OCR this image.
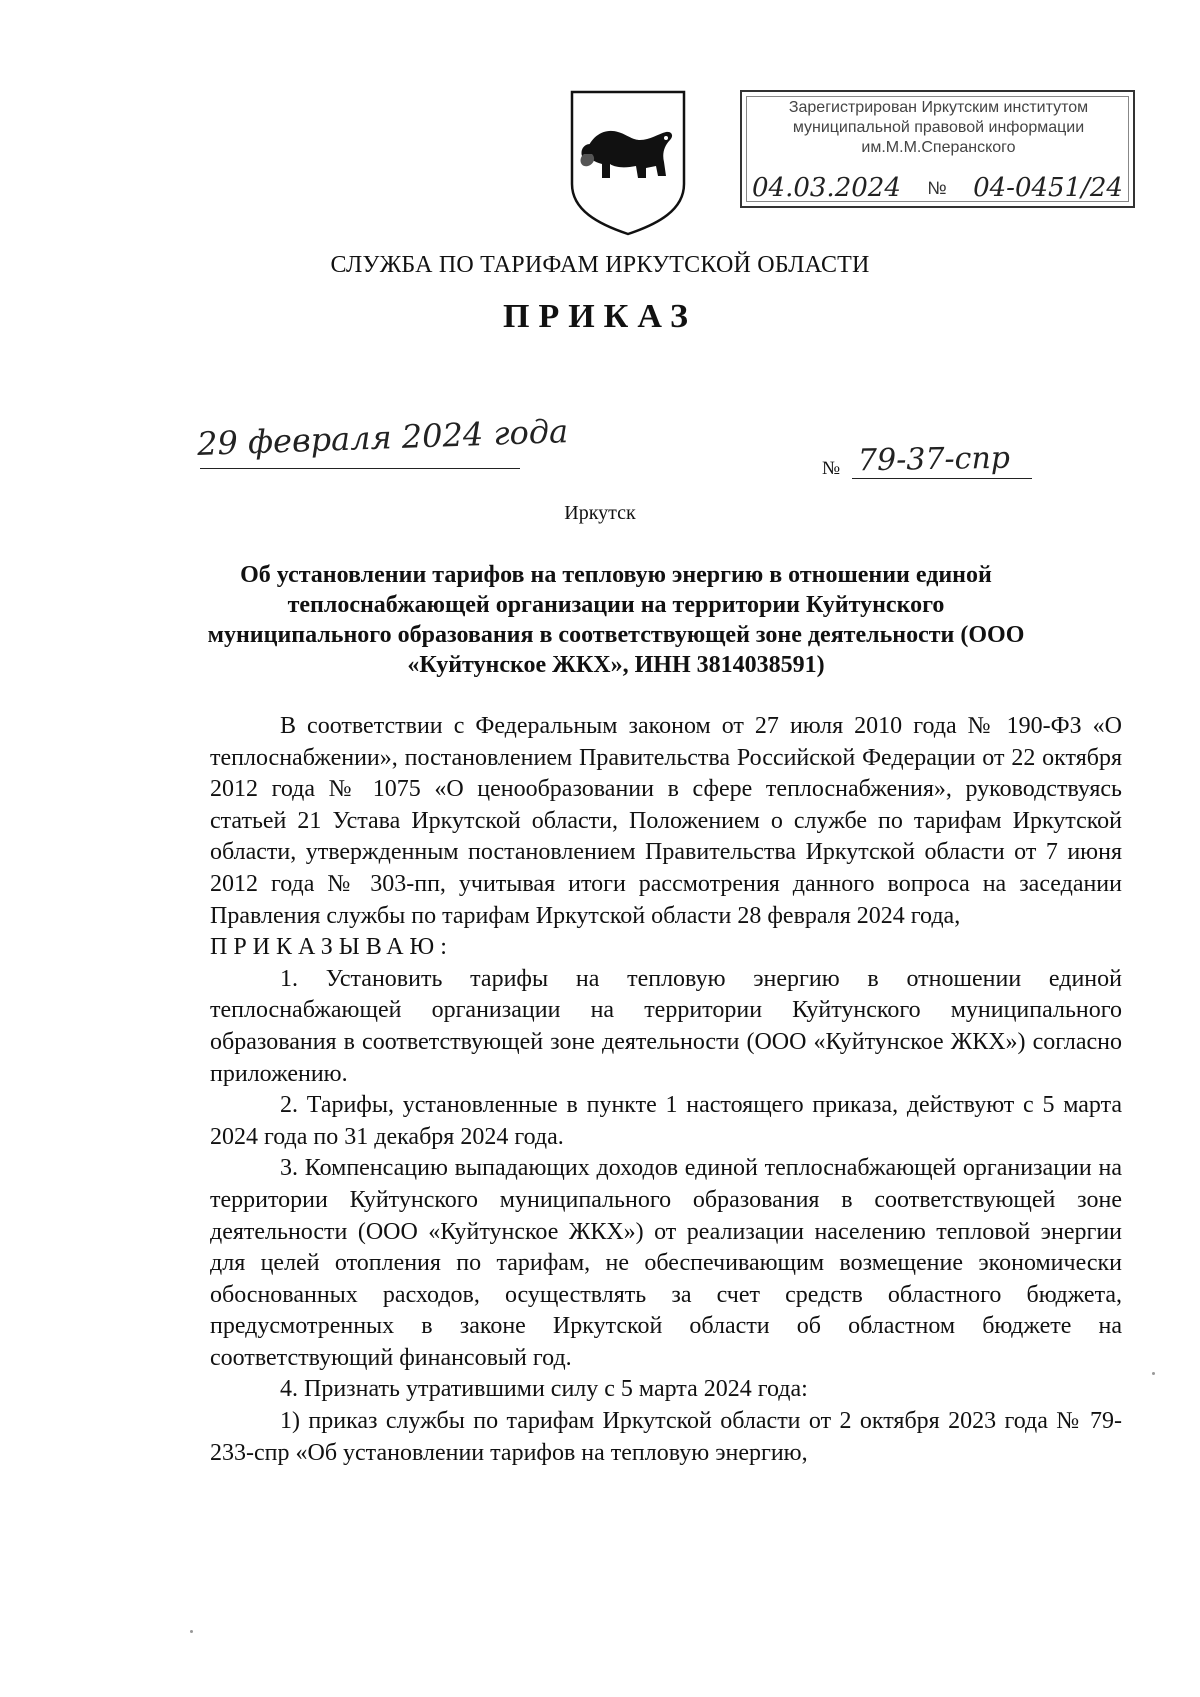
Зарегистрирован Иркутским институтом
муниципальной правовой информации
им.М.М.Сперанского
04.03.2024 № 04-0451/24
СЛУЖБА ПО ТАРИФАМ ИРКУТСКОЙ ОБЛАСТИ
ПРИКАЗ
29 февраля 2024 года
№ 79-37-спр
Иркутск
Об установлении тарифов на тепловую энергию в отношении единой теплоснабжающей организации на территории Куйтунского муниципального образования в соответствующей зоне деятельности (ООО «Куйтунское ЖКХ», ИНН 3814038591)

В соответствии с Федеральным законом от 27 июля 2010 года № 190-ФЗ «О теплоснабжении», постановлением Правительства Российской Федерации от 22 октября 2012 года № 1075 «О ценообразовании в сфере теплоснабжения», руководствуясь статьей 21 Устава Иркутской области, Положением о службе по тарифам Иркутской области, утвержденным постановлением Правительства Иркутской области от 7 июня 2012 года № 303-пп, учитывая итоги рассмотрения данного вопроса на заседании Правления службы по тарифам Иркутской области 28 февраля 2024 года,

ПРИКАЗЫВАЮ:

1. Установить тарифы на тепловую энергию в отношении единой теплоснабжающей организации на территории Куйтунского муниципального образования в соответствующей зоне деятельности (ООО «Куйтунское ЖКХ») согласно приложению.

2. Тарифы, установленные в пункте 1 настоящего приказа, действуют с 5 марта 2024 года по 31 декабря 2024 года.

3. Компенсацию выпадающих доходов единой теплоснабжающей организации на территории Куйтунского муниципального образования в соответствующей зоне деятельности (ООО «Куйтунское ЖКХ») от реализации населению тепловой энергии для целей отопления по тарифам, не обеспечивающим возмещение экономически обоснованных расходов, осуществлять за счет средств областного бюджета, предусмотренных в законе Иркутской области об областном бюджете на соответствующий финансовый год.

4. Признать утратившими силу с 5 марта 2024 года:

1) приказ службы по тарифам Иркутской области от 2 октября 2023 года № 79-233-спр «Об установлении тарифов на тепловую энергию,
